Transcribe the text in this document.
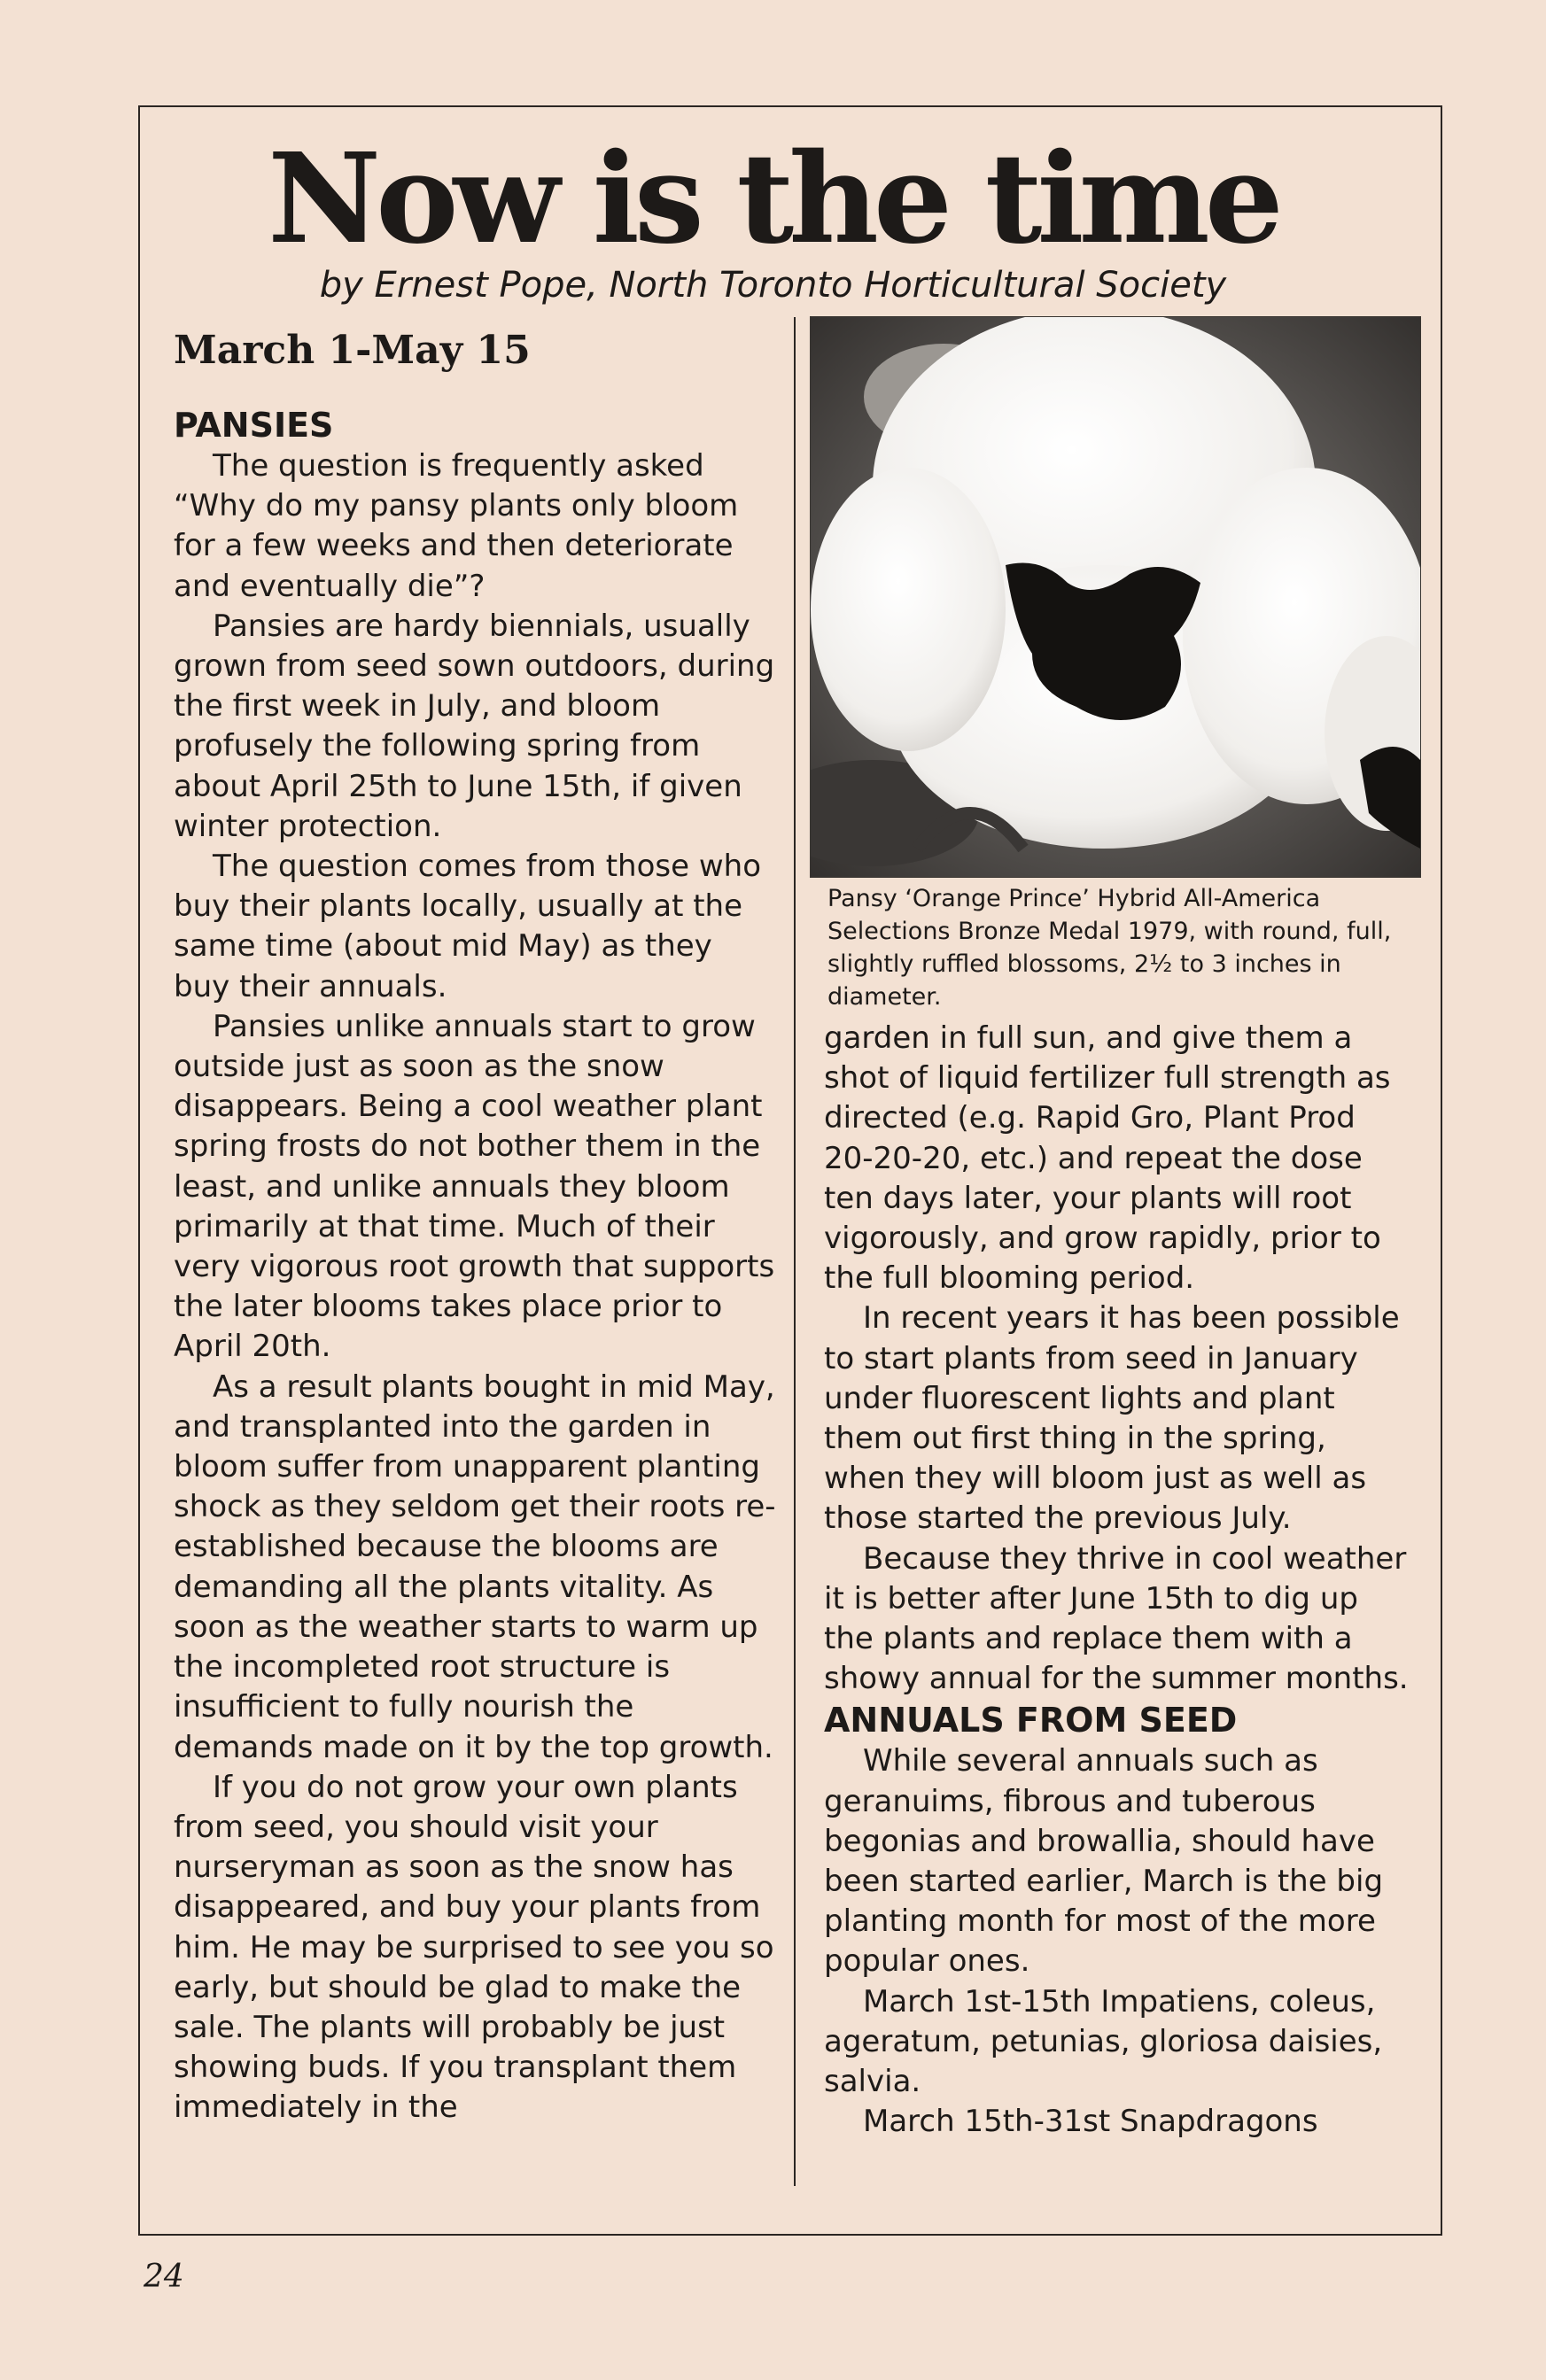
Now is the time
by Ernest Pope, North Toronto Horticultural Society
March 1-May 15
PANSIES

The question is frequently asked “Why do my pansy plants only bloom for a few weeks and then deteriorate and eventually die”?

Pansies are hardy biennials, usually grown from seed sown outdoors, during the first week in July, and bloom profusely the following spring from about April 25th to June 15th, if given winter protection.

The question comes from those who buy their plants locally, usually at the same time (about mid May) as they buy their annuals.

Pansies unlike annuals start to grow outside just as soon as the snow disappears. Being a cool weather plant spring frosts do not bother them in the least, and unlike annuals they bloom primarily at that time. Much of their very vigorous root growth that supports the later blooms takes place prior to April 20th.

As a result plants bought in mid May, and transplanted into the garden in bloom suffer from unapparent planting shock as they seldom get their roots re-established because the blooms are demanding all the plants vitality. As soon as the weather starts to warm up the incompleted root structure is insufficient to fully nourish the demands made on it by the top growth.

If you do not grow your own plants from seed, you should visit your nurseryman as soon as the snow has disappeared, and buy your plants from him. He may be surprised to see you so early, but should be glad to make the sale. The plants will probably be just showing buds. If you transplant them immediately in the

Pansy ‘Orange Prince’ Hybrid All-America Selections Bronze Medal 1979, with round, full, slightly ruffled blossoms, 2½ to 3 inches in diameter.

garden in full sun, and give them a shot of liquid fertilizer full strength as directed (e.g. Rapid Gro, Plant Prod 20-20-20, etc.) and repeat the dose ten days later, your plants will root vigorously, and grow rapidly, prior to the full blooming period.

In recent years it has been possible to start plants from seed in January under fluorescent lights and plant them out first thing in the spring, when they will bloom just as well as those started the previous July.

Because they thrive in cool weather it is better after June 15th to dig up the plants and replace them with a showy annual for the summer months.

ANNUALS FROM SEED

While several annuals such as geranuims, fibrous and tuberous begonias and browallia, should have been started earlier, March is the big planting month for most of the more popular ones.

March 1st-15th Impatiens, coleus, ageratum, petunias, gloriosa daisies, salvia.

March 15th-31st Snapdragons

24
